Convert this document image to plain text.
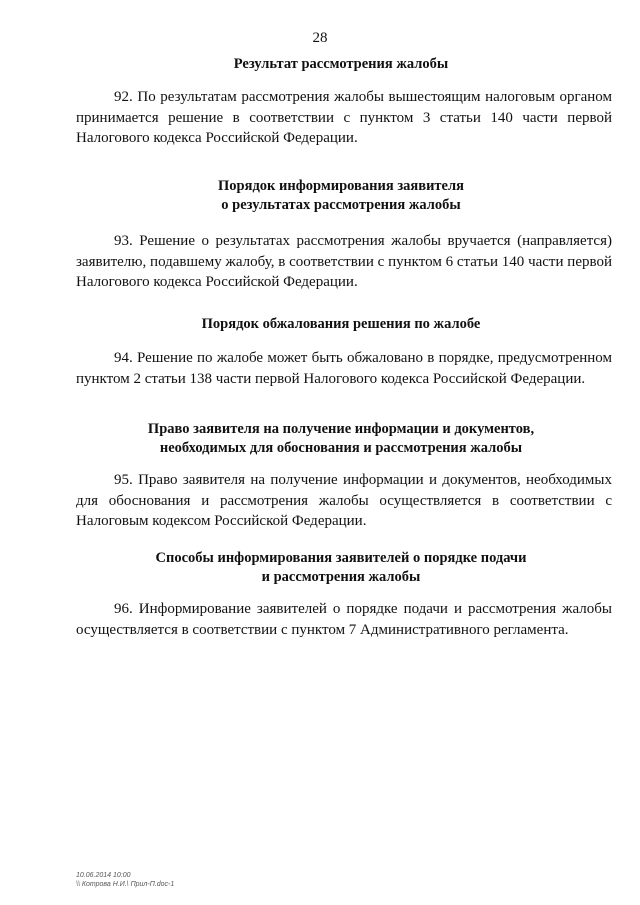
28
Результат рассмотрения жалобы

92. По результатам рассмотрения жалобы вышестоящим налоговым органом принимается решение в соответствии с пунктом 3 статьи 140 части первой Налогового кодекса Российской Федерации.

Порядок информирования заявителя
о результатах рассмотрения жалобы

93. Решение о результатах рассмотрения жалобы вручается (направляется) заявителю, подавшему жалобу, в соответствии с пунктом 6 статьи 140 части первой Налогового кодекса Российской Федерации.

Порядок обжалования решения по жалобе

94. Решение по жалобе может быть обжаловано в порядке, предусмотренном пунктом 2 статьи 138 части первой Налогового кодекса Российской Федерации.

Право заявителя на получение информации и документов,
необходимых для обоснования и рассмотрения жалобы

95. Право заявителя на получение информации и документов, необходимых для обоснования и рассмотрения жалобы осуществляется в соответствии с Налоговым кодексом Российской Федерации.

Способы информирования заявителей о порядке подачи
и рассмотрения жалобы

96. Информирование заявителей о порядке подачи и рассмотрения жалобы осуществляется в соответствии с пунктом 7 Административного регламента.

10.06.2014 10:00
\\ Котрова Н.И.\ Прил-П.doc-1
